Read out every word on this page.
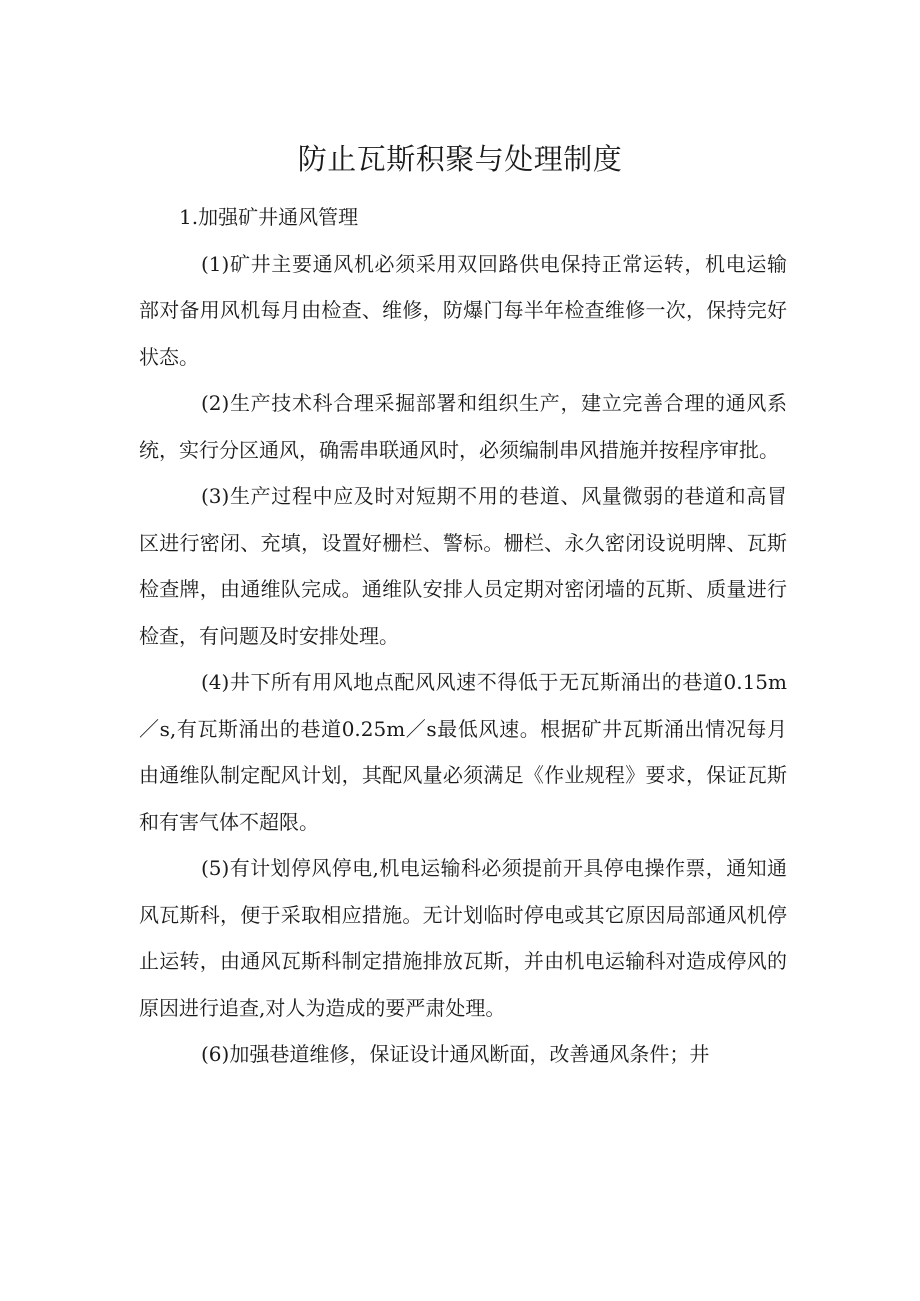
防止瓦斯积聚与处理制度

1.加强矿井通风管理

(1)矿井主要通风机必须采用双回路供电保持正常运转，机电运输部对备用风机每月由检查、维修，防爆门每半年检查维修一次，保持完好状态。

(2)生产技术科合理采掘部署和组织生产，建立完善合理的通风系统，实行分区通风，确需串联通风时，必须编制串风措施并按程序审批。

(3)生产过程中应及时对短期不用的巷道、风量微弱的巷道和高冒区进行密闭、充填，设置好栅栏、警标。栅栏、永久密闭设说明牌、瓦斯检查牌，由通维队完成。通维队安排人员定期对密闭墙的瓦斯、质量进行检查，有问题及时安排处理。

(4)井下所有用风地点配风风速不得低于无瓦斯涌出的巷道0.15m／s,有瓦斯涌出的巷道0.25m／s最低风速。根据矿井瓦斯涌出情况每月由通维队制定配风计划，其配风量必须满足《作业规程》要求，保证瓦斯和有害气体不超限。

(5)有计划停风停电,机电运输科必须提前开具停电操作票，通知通风瓦斯科，便于采取相应措施。无计划临时停电或其它原因局部通风机停止运转，由通风瓦斯科制定措施排放瓦斯，并由机电运输科对造成停风的原因进行追查,对人为造成的要严肃处理。

(6)加强巷道维修，保证设计通风断面，改善通风条件；井
